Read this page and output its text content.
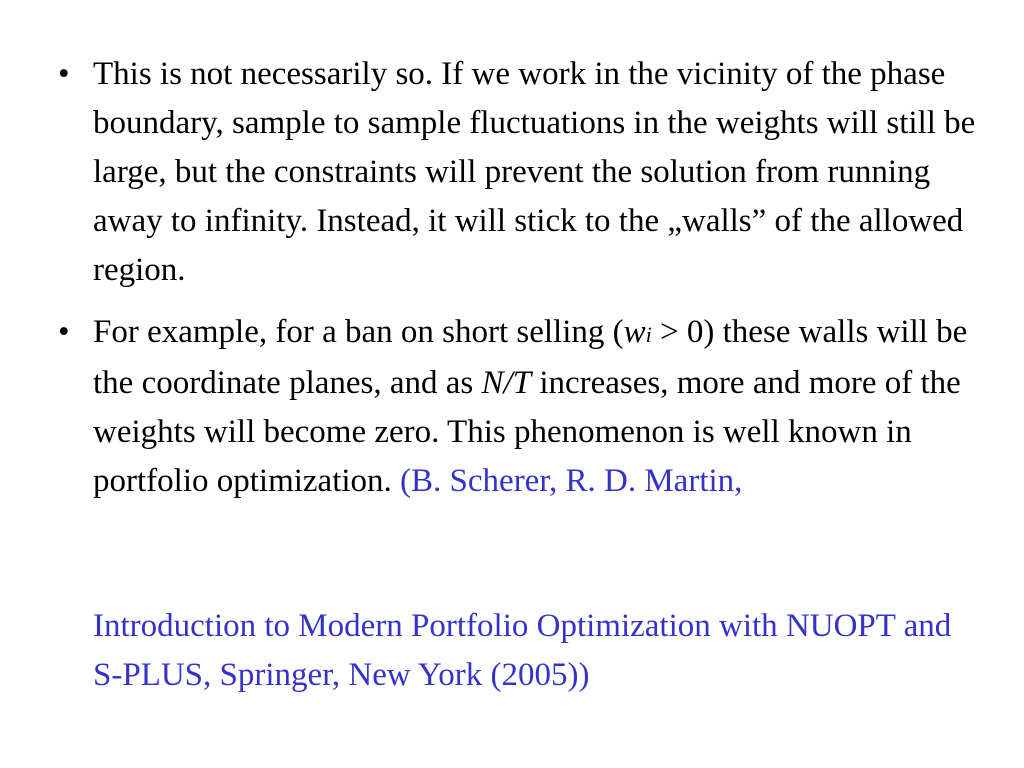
• This is not necessarily so. If we work in the vicinity of the phase boundary, sample to sample fluctuations in the weights will still be large, but the constraints will prevent the solution from running away to infinity. Instead, it will stick to the „walls” of the allowed region.
• For example, for a ban on short selling (wi > 0) these walls will be the coordinate planes, and as N/T increases, more and more of the weights will become zero. This phenomenon is well known in portfolio optimization. (B. Scherer, R. D. Martin,

Introduction to Modern Portfolio Optimization with NUOPT and S-PLUS, Springer, New York (2005))
